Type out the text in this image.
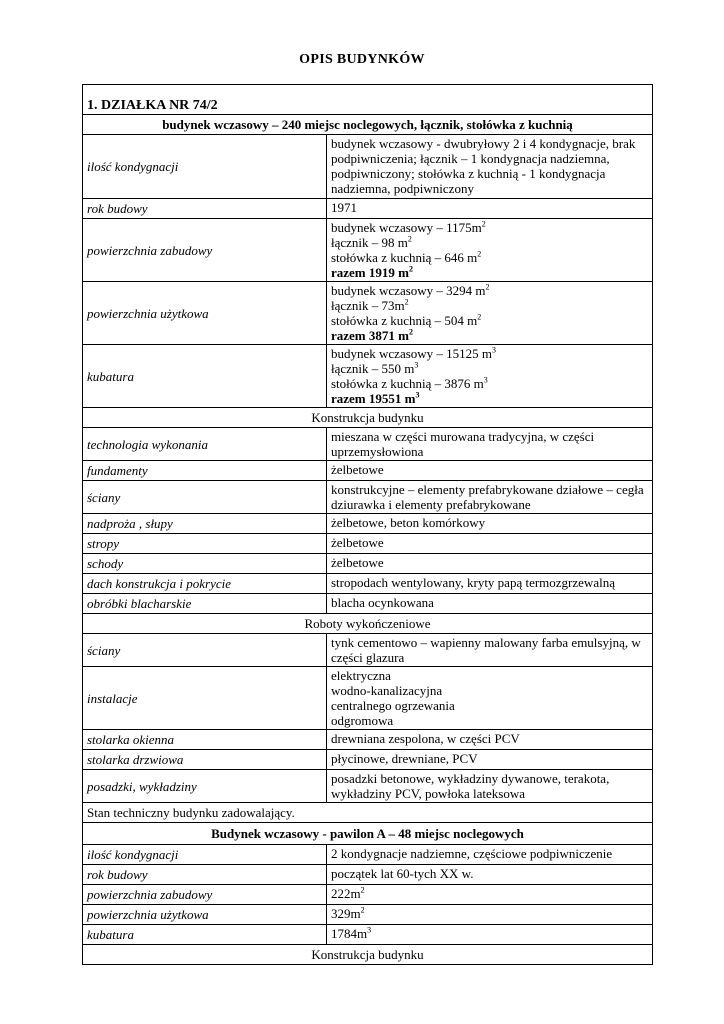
OPIS BUDYNKÓW
1. DZIAŁKA NR 74/2	
budynek wczasowy – 240 miejsc noclegowych, łącznik, stołówka z kuchnią	
ilość kondygnacji	budynek wczasowy - dwubryłowy 2 i 4 kondygnacje, brak podpiwniczenia; łącznik – 1 kondygnacja nadziemna, podpiwniczony; stołówka z kuchnią - 1 kondygnacja nadziemna, podpiwniczony
rok budowy	1971
powierzchnia zabudowy	budynek wczasowy – $1175m^2$
łącznik – 98 $m^2$
stołówka z kuchnią – 646 $m^2$
razem 1919 $m^2$

powierzchnia użytkowa	budynek wczasowy – 3294 $m^2$
łącznik – $73m^2$
stołówka z kuchnią – 504 $m^2$
razem 3871 $m^2$

kubatura	budynek wczasowy – 15125 $m^3$
łącznik – 550 $m^3$
stołówka z kuchnią – 3876 $m^3$
razem 19551 $m^3$

Konstrukcja budynku	
technologia wykonania	mieszana w części murowana tradycyjna, w części uprzemysłowiona
fundamenty	żelbetowe
ściany	konstrukcyjne – elementy prefabrykowane działowe – cegła dziurawka i elementy prefabrykowane
nadproża , słupy	żelbetowe, beton komórkowy
stropy	żelbetowe
schody	żelbetowe
dach konstrukcja i pokrycie	stropodach wentylowany, kryty papą termozgrzewalną
obróbki blacharskie	blacha ocynkowana
Roboty wykończeniowe	
ściany	tynk cementowo – wapienny malowany farba emulsyjną, w części glazura
instalacje	elektryczna
wodno-kanalizacyjna
centralnego ogrzewania
odgromowa

stolarka okienna	drewniana zespolona, w części PCV
stolarka drzwiowa	płycinowe, drewniane, PCV
posadzki, wykładziny	posadzki betonowe, wykładziny dywanowe, terakota, wykładziny PCV, powłoka lateksowa
Stan techniczny budynku zadowalający.	
Budynek wczasowy - pawilon A – 48 miejsc noclegowych	
ilość kondygnacji	2 kondygnacje nadziemne, częściowe podpiwniczenie
rok budowy	początek lat 60-tych XX w.
powierzchnia zabudowy	$222m^2$
powierzchnia użytkowa	$329m^2$
kubatura	$1784m^3$
Konstrukcja budynku	
